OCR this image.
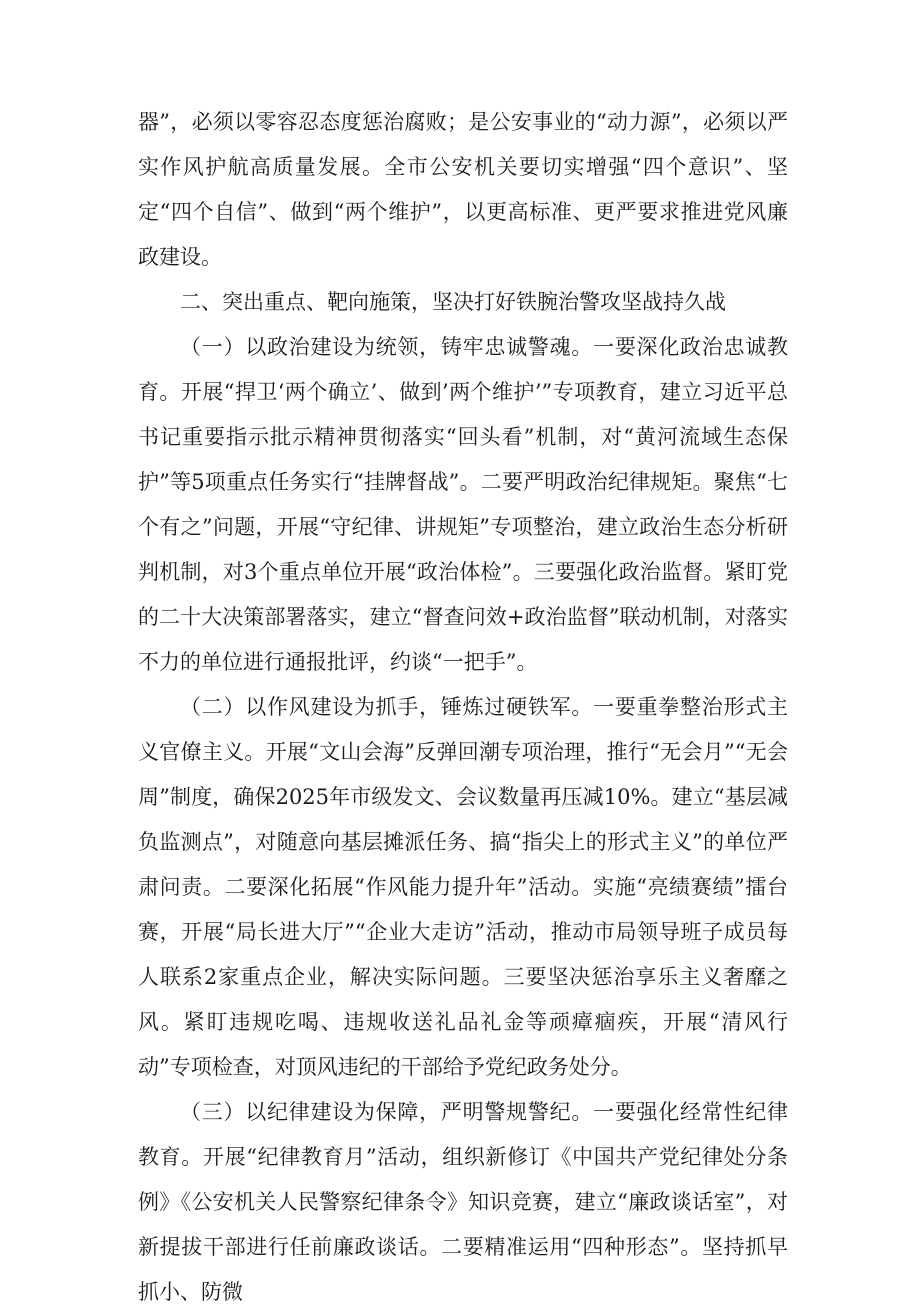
器”，必须以零容忍态度惩治腐败；是公安事业的“动力源”，必须以严实作风护航高质量发展。全市公安机关要切实增强“四个意识”、坚定“四个自信”、做到“两个维护”，以更高标准、更严要求推进党风廉政建设。

二、突出重点、靶向施策，坚决打好铁腕治警攻坚战持久战

（一）以政治建设为统领，铸牢忠诚警魂。一要深化政治忠诚教育。开展“捍卫‘两个确立’、做到’两个维护’”专项教育，建立习近平总书记重要指示批示精神贯彻落实“回头看”机制，对“黄河流域生态保护”等5项重点任务实行“挂牌督战”。二要严明政治纪律规矩。聚焦“七个有之”问题，开展“守纪律、讲规矩”专项整治，建立政治生态分析研判机制，对3个重点单位开展“政治体检”。三要强化政治监督。紧盯党的二十大决策部署落实，建立“督查问效+政治监督”联动机制，对落实不力的单位进行通报批评，约谈“一把手”。

（二）以作风建设为抓手，锤炼过硬铁军。一要重拳整治形式主义官僚主义。开展“文山会海”反弹回潮专项治理，推行“无会月”“无会周”制度，确保2025年市级发文、会议数量再压减10%。建立“基层减负监测点”，对随意向基层摊派任务、搞“指尖上的形式主义”的单位严肃问责。二要深化拓展“作风能力提升年”活动。实施“亮绩赛绩”擂台赛，开展“局长进大厅”“企业大走访”活动，推动市局领导班子成员每人联系2家重点企业，解决实际问题。三要坚决惩治享乐主义奢靡之风。紧盯违规吃喝、违规收送礼品礼金等顽瘴痼疾，开展“清风行动”专项检查，对顶风违纪的干部给予党纪政务处分。

（三）以纪律建设为保障，严明警规警纪。一要强化经常性纪律教育。开展“纪律教育月”活动，组织新修订《中国共产党纪律处分条例》《公安机关人民警察纪律条令》知识竞赛，建立“廉政谈话室”，对新提拔干部进行任前廉政谈话。二要精准运用“四种形态”。坚持抓早抓小、防微
